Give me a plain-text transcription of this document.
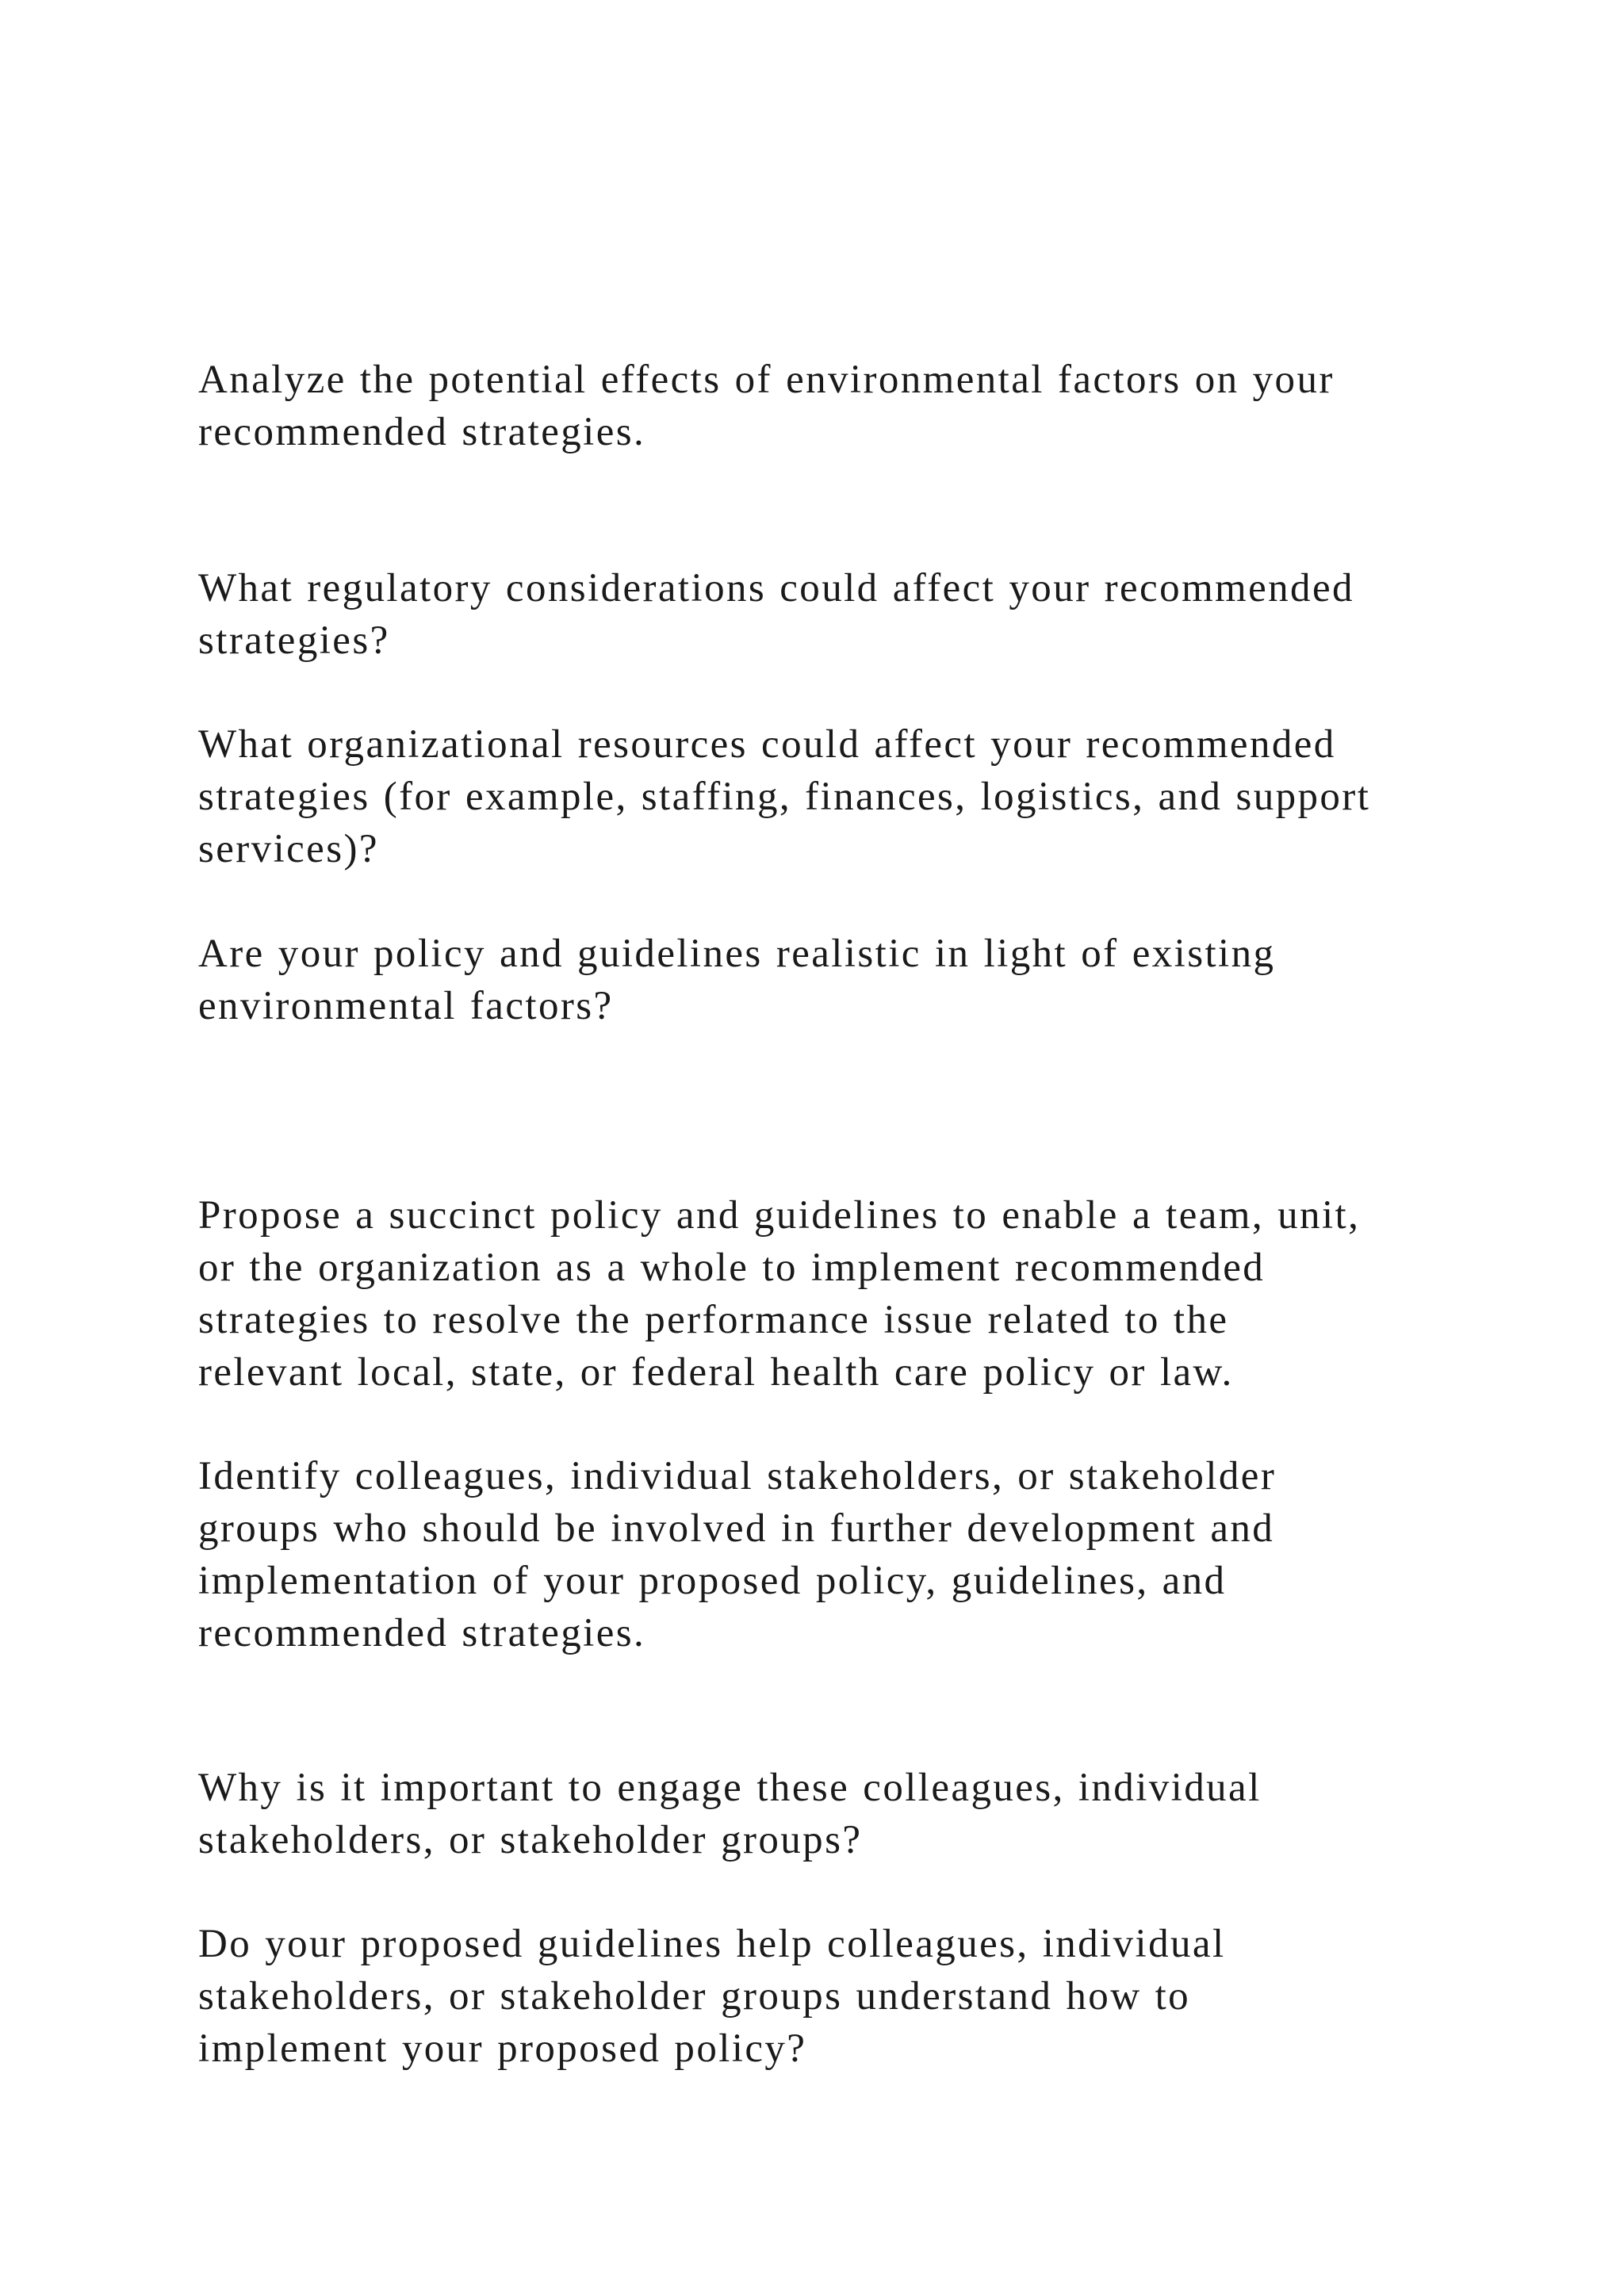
Analyze the potential effects of environmental factors on your
recommended strategies.

What regulatory considerations could affect your recommended
strategies?

What organizational resources could affect your recommended
strategies (for example, staffing, finances, logistics, and support
services)?

Are your policy and guidelines realistic in light of existing
environmental factors?

Propose a succinct policy and guidelines to enable a team, unit,
or the organization as a whole to implement recommended
strategies to resolve the performance issue related to the
relevant local, state, or federal health care policy or law.

Identify colleagues, individual stakeholders, or stakeholder
groups who should be involved in further development and
implementation of your proposed policy, guidelines, and
recommended strategies.

Why is it important to engage these colleagues, individual
stakeholders, or stakeholder groups?

Do your proposed guidelines help colleagues, individual
stakeholders, or stakeholder groups understand how to
implement your proposed policy?
